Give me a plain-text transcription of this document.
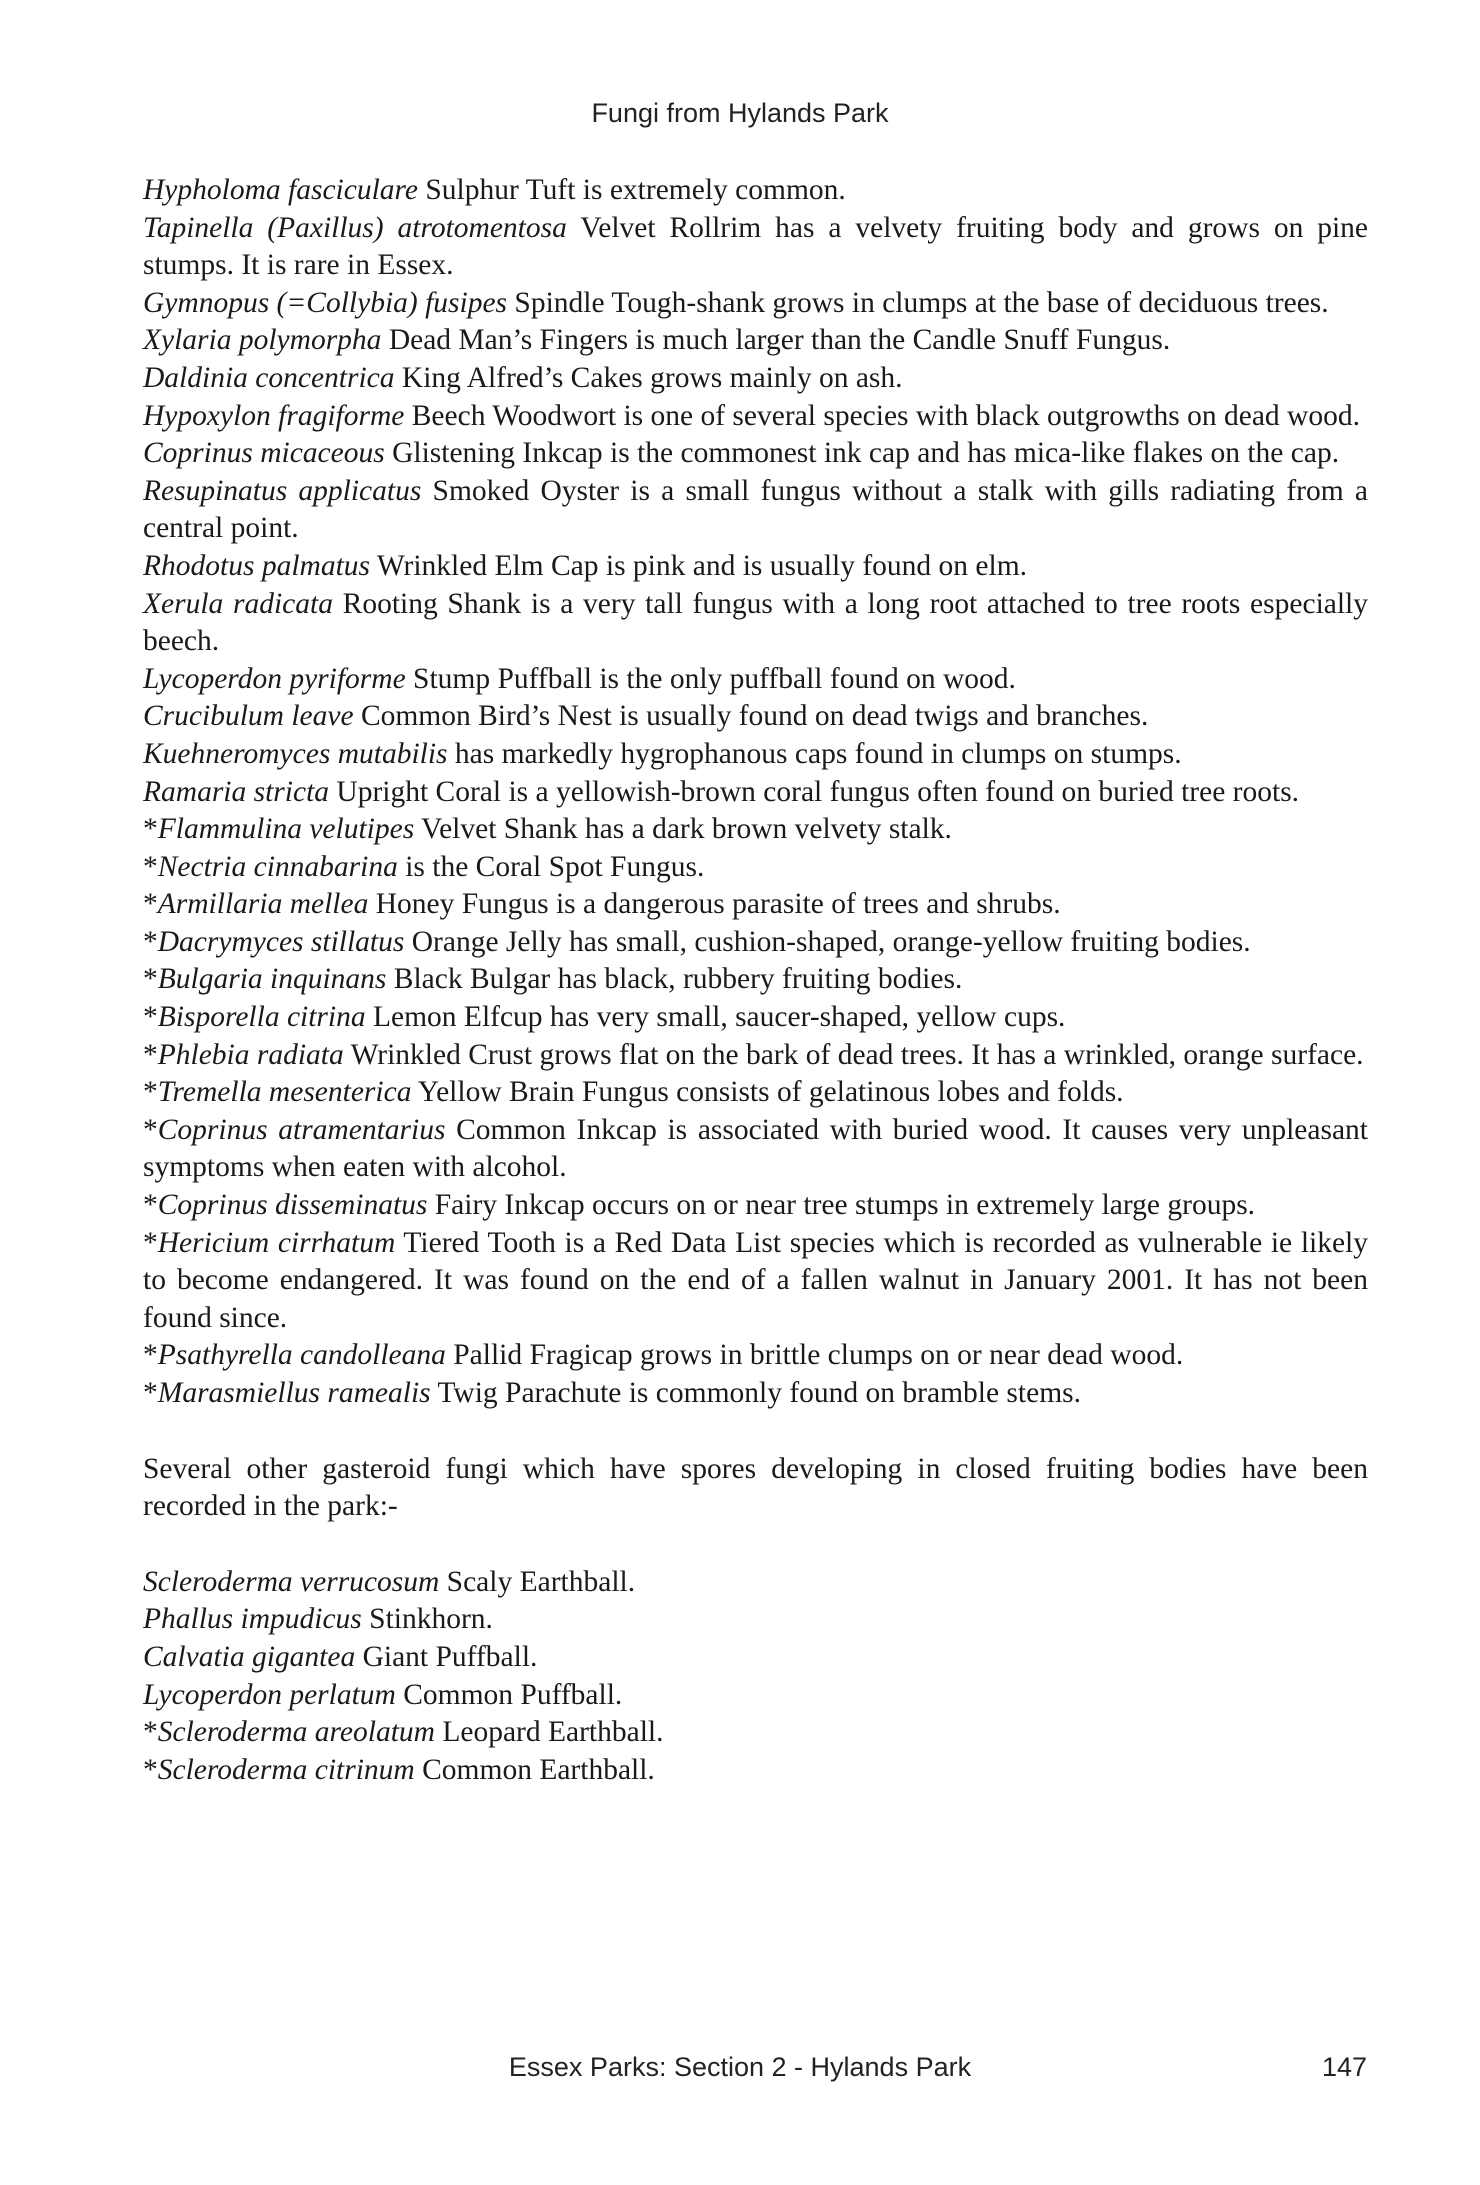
Fungi from Hylands Park

Hypholoma fasciculare Sulphur Tuft is extremely common.

Tapinella (Paxillus) atrotomentosa Velvet Rollrim has a velvety fruiting body and grows on pine stumps. It is rare in Essex.

Gymnopus (=Collybia) fusipes Spindle Tough-shank grows in clumps at the base of deciduous trees.

Xylaria polymorpha Dead Man’s Fingers is much larger than the Candle Snuff Fungus.

Daldinia concentrica King Alfred’s Cakes grows mainly on ash.

Hypoxylon fragiforme Beech Woodwort is one of several species with black outgrowths on dead wood.

Coprinus micaceous Glistening Inkcap is the commonest ink cap and has mica-like flakes on the cap.

Resupinatus applicatus Smoked Oyster is a small fungus without a stalk with gills radiating from a central point.

Rhodotus palmatus Wrinkled Elm Cap is pink and is usually found on elm.

Xerula radicata Rooting Shank is a very tall fungus with a long root attached to tree roots especially beech.

Lycoperdon pyriforme Stump Puffball is the only puffball found on wood.

Crucibulum leave Common Bird’s Nest is usually found on dead twigs and branches.

Kuehneromyces mutabilis has markedly hygrophanous caps found in clumps on stumps.

Ramaria stricta Upright Coral is a yellowish-brown coral fungus often found on buried tree roots.

*Flammulina velutipes Velvet Shank has a dark brown velvety stalk.

*Nectria cinnabarina is the Coral Spot Fungus.

*Armillaria mellea Honey Fungus is a dangerous parasite of trees and shrubs.

*Dacrymyces stillatus Orange Jelly has small, cushion-shaped, orange-yellow fruiting bodies.

*Bulgaria inquinans Black Bulgar has black, rubbery fruiting bodies.

*Bisporella citrina Lemon Elfcup has very small, saucer-shaped, yellow cups.

*Phlebia radiata Wrinkled Crust grows flat on the bark of dead trees. It has a wrinkled, orange surface.

*Tremella mesenterica Yellow Brain Fungus consists of gelatinous lobes and folds.

*Coprinus atramentarius Common Inkcap is associated with buried wood. It causes very unpleasant symptoms when eaten with alcohol.

*Coprinus disseminatus Fairy Inkcap occurs on or near tree stumps in extremely large groups.

*Hericium cirrhatum Tiered Tooth is a Red Data List species which is recorded as vulnerable ie likely to become endangered. It was found on the end of a fallen walnut in January 2001. It has not been found since.

*Psathyrella candolleana Pallid Fragicap grows in brittle clumps on or near dead wood.

*Marasmiellus ramealis Twig Parachute is commonly found on bramble stems.

Several other gasteroid fungi which have spores developing in closed fruiting bodies have been recorded in the park:-

Scleroderma verrucosum Scaly Earthball.

Phallus impudicus Stinkhorn.

Calvatia gigantea Giant Puffball.

Lycoperdon perlatum Common Puffball.

*Scleroderma areolatum Leopard Earthball.

*Scleroderma citrinum Common Earthball.

Essex Parks: Section 2 - Hylands Park	147
